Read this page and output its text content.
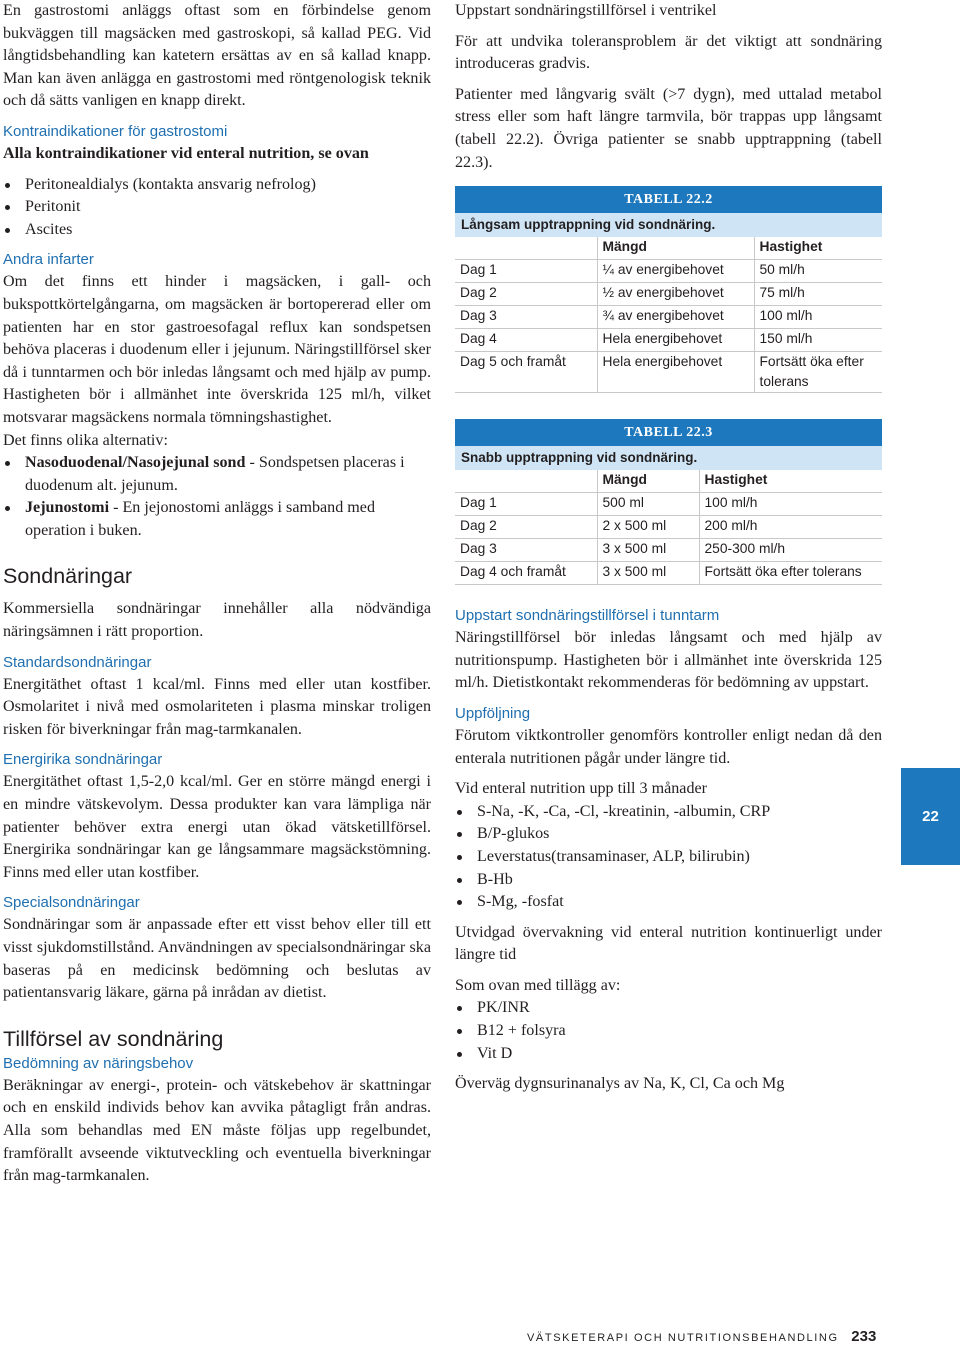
En gastrostomi anläggs oftast som en förbindelse genom bukväggen till magsäcken med gastroskopi, så kallad PEG. Vid långtidsbehandling kan katetern ersättas av en så kallad knapp. Man kan även anlägga en gastrostomi med röntgenologisk teknik och då sätts vanligen en knapp direkt.

Kontraindikationer för gastrostomi

Alla kontraindikationer vid enteral nutrition, se ovan

Peritonealdialys (kontakta ansvarig nefrolog)
Peritonit
Ascites

Andra infarter

Om det finns ett hinder i magsäcken, i gall- och bukspottkörtelgångarna, om magsäcken är bortopererad eller om patienten har en stor gastroesofagal reflux kan sondspetsen behöva placeras i duodenum eller i jejunum. Näringstillförsel sker då i tunntarmen och bör inledas långsamt och med hjälp av pump. Hastigheten bör i allmänhet inte överskrida 125 ml/h, vilket motsvarar magsäckens normala tömningshastighet.

Det finns olika alternativ:

Nasoduodenal/Nasojejunal sond - Sondspetsen placeras i duodenum alt. jejunum.
Jejunostomi - En jejonostomi anläggs i samband med operation i buken.

Sondnäringar

Kommersiella sondnäringar innehåller alla nödvändiga näringsämnen i rätt proportion.

Standardsondnäringar

Energitäthet oftast 1 kcal/ml. Finns med eller utan kostfiber. Osmolaritet i nivå med osmolariteten i plasma minskar troligen risken för biverkningar från mag-tarmkanalen.

Energirika sondnäringar

Energitäthet oftast 1,5-2,0 kcal/ml. Ger en större mängd energi i en mindre vätskevolym. Dessa produkter kan vara lämpliga när patienter behöver extra energi utan ökad vätsketillförsel. Energirika sondnäringar kan ge långsammare magsäckstömning. Finns med eller utan kostfiber.

Specialsondnäringar

Sondnäringar som är anpassade efter ett visst behov eller till ett visst sjukdomstillstånd. Användningen av specialsondnäringar ska baseras på en medicinsk bedömning och beslutas av patientansvarig läkare, gärna på inrådan av dietist.

Tillförsel av sondnäring

Bedömning av näringsbehov

Beräkningar av energi-, protein- och vätskebehov är skattningar och en enskild individs behov kan avvika påtagligt från andras. Alla som behandlas med EN måste följas upp regelbundet, framförallt avseende viktutveckling och eventuella biverkningar från mag-tarmkanalen.

Uppstart sondnäringstillförsel i ventrikel

För att undvika toleransproblem är det viktigt att sondnäring introduceras gradvis.

Patienter med långvarig svält (>7 dygn), med uttalad metabol stress eller som haft längre tarmvila, bör trappas upp långsamt (tabell 22.2). Övriga patienter se snabb upptrappning (tabell 22.3).

TABELL 22.2
Långsam upptrappning vid sondnäring.
	Mängd	Hastighet
Dag 1	¼ av energibehovet	50 ml/h
Dag 2	½ av energibehovet	75 ml/h
Dag 3	¾ av energibehovet	100 ml/h
Dag 4	Hela energibehovet	150 ml/h
Dag 5 och framåt	Hela energibehovet	Fortsätt öka efter tolerans
TABELL 22.3
Snabb upptrappning vid sondnäring.
	Mängd	Hastighet
Dag 1	500 ml	100 ml/h
Dag 2	2 x 500 ml	200 ml/h
Dag 3	3 x 500 ml	250-300 ml/h
Dag 4 och framåt	3 x 500 ml	Fortsätt öka efter tolerans

Uppstart sondnäringstillförsel i tunntarm

Näringstillförsel bör inledas långsamt och med hjälp av nutritionspump. Hastigheten bör i allmänhet inte överskrida 125 ml/h. Dietistkontakt rekommenderas för bedömning av uppstart.

Uppföljning

Förutom viktkontroller genomförs kontroller enligt nedan då den enterala nutritionen pågår under längre tid.

Vid enteral nutrition upp till 3 månader

S-Na, -K, -Ca, -Cl, -kreatinin, -albumin, CRP
B/P-glukos
Leverstatus(transaminaser, ALP, bilirubin)
B-Hb
S-Mg, -fosfat

Utvidgad övervakning vid enteral nutrition kontinuerligt under längre tid

Som ovan med tillägg av:

PK/INR
B12 + folsyra
Vit D

Överväg dygnsurinanalys av Na, K, Cl, Ca och Mg

22
VÄTSKETERAPI OCH NUTRITIONSBEHANDLING 233
